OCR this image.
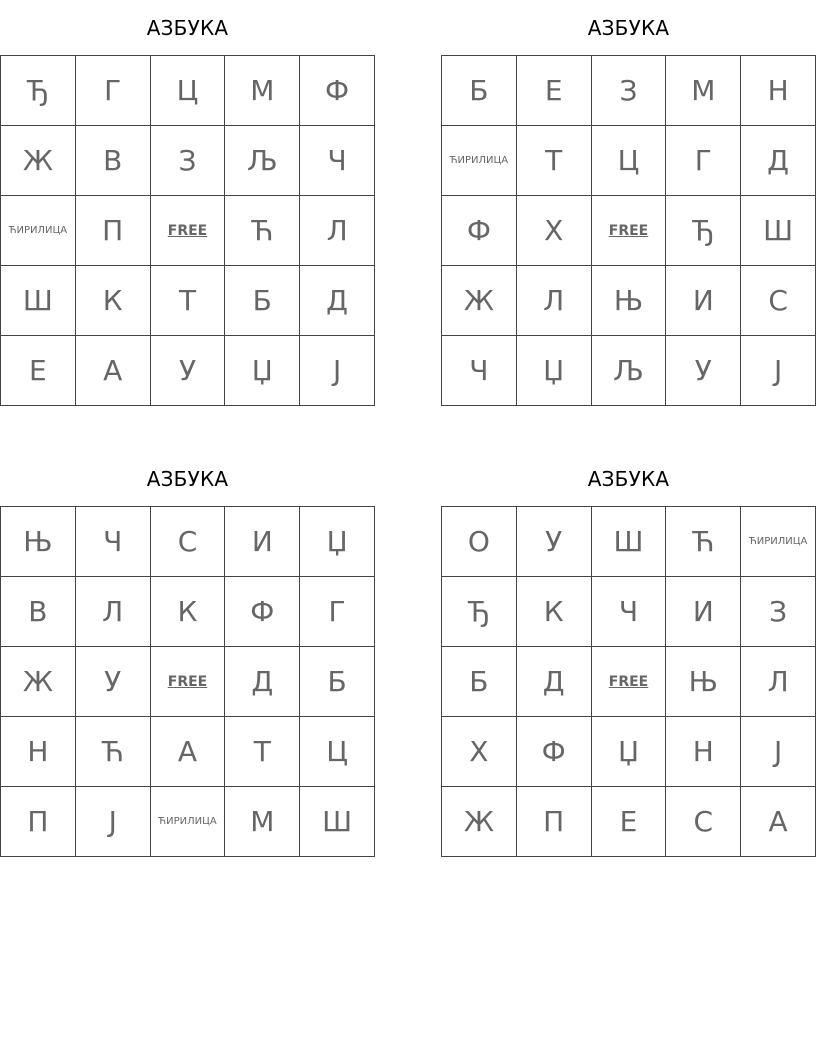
АЗБУКА
Ђ	Г	Ц	М	Ф
Ж	В	З	Љ	Ч
ЋИРИЛИЦА	П	FREE	Ћ	Л
Ш	К	Т	Б	Д
Е	А	У	Џ	Ј
АЗБУКА
Б	Е	З	М	Н
ЋИРИЛИЦА	Т	Ц	Г	Д
Ф	Х	FREE	Ђ	Ш
Ж	Л	Њ	И	С
Ч	Џ	Љ	У	Ј
АЗБУКА
Њ	Ч	С	И	Џ
В	Л	К	Ф	Г
Ж	У	FREE	Д	Б
Н	Ћ	А	Т	Ц
П	Ј	ЋИРИЛИЦА	М	Ш
АЗБУКА
О	У	Ш	Ћ	ЋИРИЛИЦА
Ђ	К	Ч	И	З
Б	Д	FREE	Њ	Л
Х	Ф	Џ	Н	Ј
Ж	П	Е	С	А
